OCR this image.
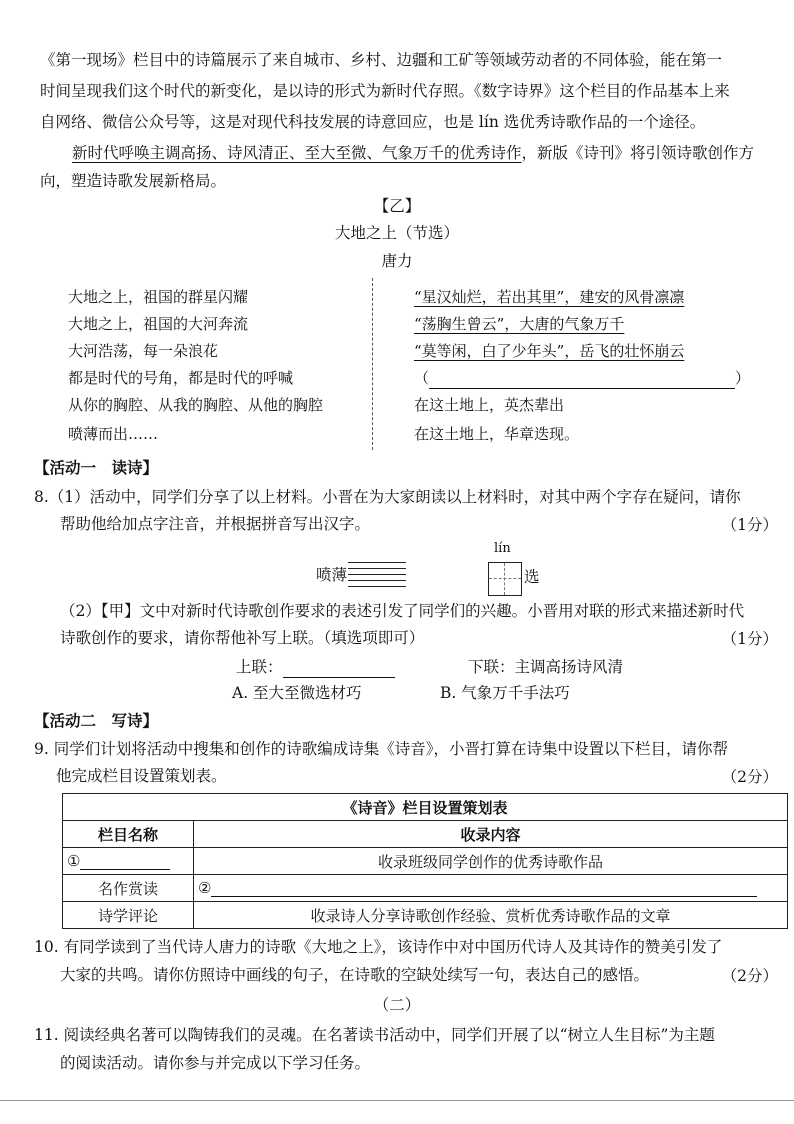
《第一现场》栏目中的诗篇展示了来自城市、乡村、边疆和工矿等领域劳动者的不同体验，能在第一
时间呈现我们这个时代的新变化，是以诗的形式为新时代存照。《数字诗界》这个栏目的作品基本上来
自网络、微信公众号等，这是对现代科技发展的诗意回应，也是 lín 选优秀诗歌作品的一个途径。
新时代呼唤主调高扬、诗风清正、至大至微、气象万千的优秀诗作，新版《诗刊》将引领诗歌创作方
向，塑造诗歌发展新格局。
【乙】
大地之上（节选）
唐力
大地之上，祖国的群星闪耀
大地之上，祖国的大河奔流
大河浩荡，每一朵浪花
都是时代的号角，都是时代的呼喊
从你的胸腔、从我的胸腔、从他的胸腔
喷薄而出……
“星汉灿烂，若出其里”，建安的风骨凛凛
“荡胸生曾云”，大唐的气象万千
“莫等闲，白了少年头”，岳飞的壮怀崩云
（	）
在这土地上，英杰辈出
在这土地上，华章迭现。
【活动一　读诗】
8.（1）活动中，同学们分享了以上材料。小晋在为大家朗读以上材料时，对其中两个字存在疑问，请你
帮助他给加点字注音，并根据拼音写出汉字。	（1分）
喷薄
lín
选
（2）【甲】文中对新时代诗歌创作要求的表述引发了同学们的兴趣。小晋用对联的形式来描述新时代
诗歌创作的要求，请你帮他补写上联。（填选项即可）	（1分）
上联：	下联：主调高扬诗风清
A. 至大至微选材巧	B. 气象万千手法巧
【活动二　写诗】
9. 同学们计划将活动中搜集和创作的诗歌编成诗集《诗音》，小晋打算在诗集中设置以下栏目，请你帮
他完成栏目设置策划表。	（2分）
《诗音》栏目设置策划表	
栏目名称	收录内容
①	收录班级同学创作的优秀诗歌作品
名作赏读	②
诗学评论	收录诗人分享诗歌创作经验、赏析优秀诗歌作品的文章
10. 有同学读到了当代诗人唐力的诗歌《大地之上》，该诗作中对中国历代诗人及其诗作的赞美引发了
大家的共鸣。请你仿照诗中画线的句子，在诗歌的空缺处续写一句，表达自己的感悟。	（2分）
（二）
11. 阅读经典名著可以陶铸我们的灵魂。在名著读书活动中，同学们开展了以“树立人生目标”为主题
的阅读活动。请你参与并完成以下学习任务。
